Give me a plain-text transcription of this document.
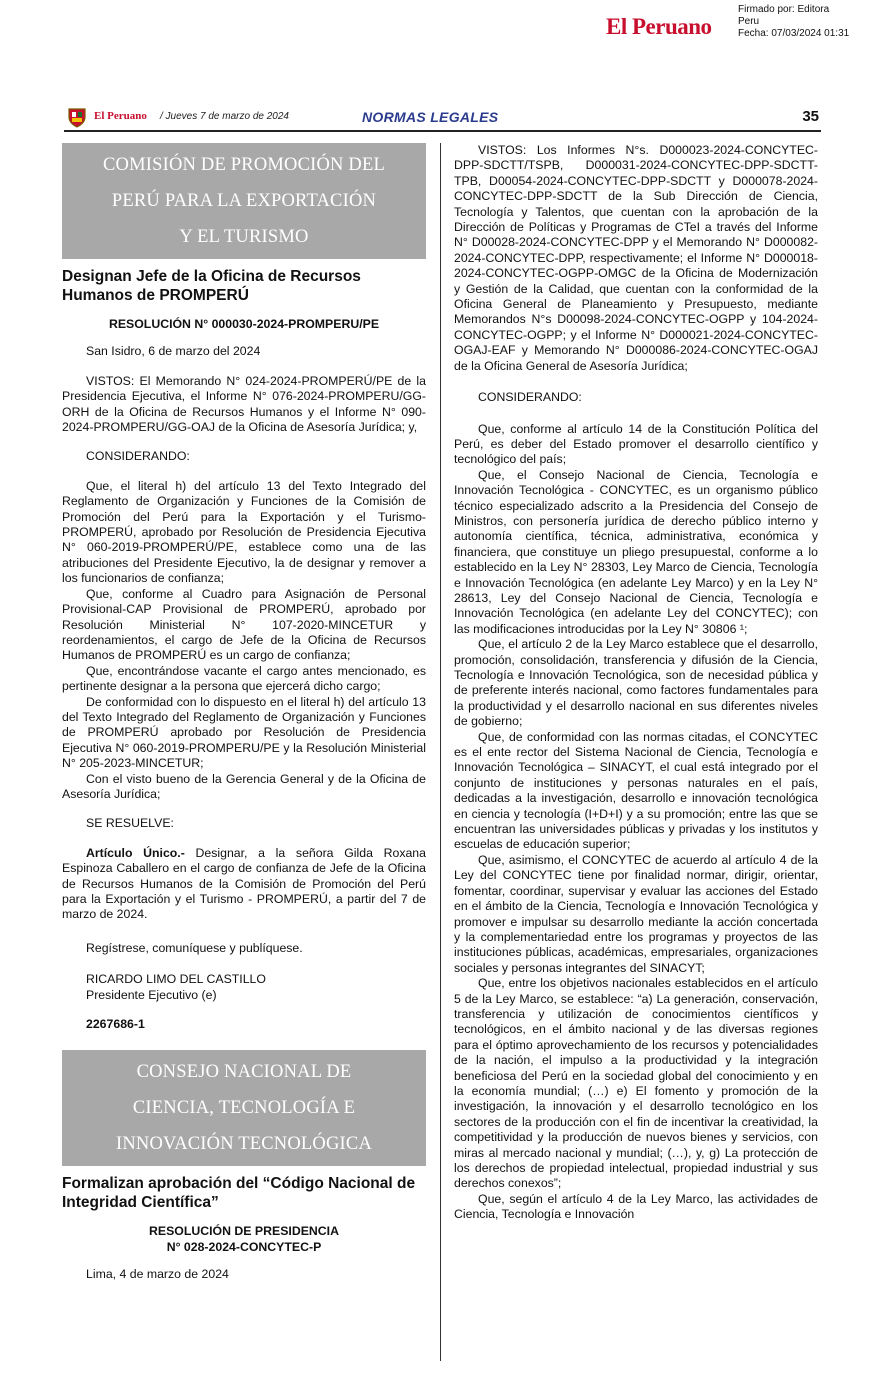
El Peruano
Firmado por: Editora
Peru
Fecha: 07/03/2024 01:31
El Peruano / Jueves 7 de marzo de 2024	NORMAS LEGALES	35
COMISIÓN DE PROMOCIÓN DEL
PERÚ PARA LA EXPORTACIÓN
Y EL TURISMO
Designan Jefe de la Oficina de Recursos Humanos de PROMPERÚ
RESOLUCIÓN N° 000030-2024-PROMPERU/PE

San Isidro, 6 de marzo del 2024

VISTOS: El Memorando N° 024-2024-PROMPERÚ/PE de la Presidencia Ejecutiva, el Informe N° 076-2024-PROMPERU/GG-ORH de la Oficina de Recursos Humanos y el Informe N° 090-2024-PROMPERU/GG-OAJ de la Oficina de Asesoría Jurídica; y,

CONSIDERANDO:

Que, el literal h) del artículo 13 del Texto Integrado del Reglamento de Organización y Funciones de la Comisión de Promoción del Perú para la Exportación y el Turismo-PROMPERÚ, aprobado por Resolución de Presidencia Ejecutiva N° 060-2019-PROMPERÚ/PE, establece como una de las atribuciones del Presidente Ejecutivo, la de designar y remover a los funcionarios de confianza;

Que, conforme al Cuadro para Asignación de Personal Provisional-CAP Provisional de PROMPERÚ, aprobado por Resolución Ministerial N° 107-2020-MINCETUR y reordenamientos, el cargo de Jefe de la Oficina de Recursos Humanos de PROMPERÚ es un cargo de confianza;

Que, encontrándose vacante el cargo antes mencionado, es pertinente designar a la persona que ejercerá dicho cargo;

De conformidad con lo dispuesto en el literal h) del artículo 13 del Texto Integrado del Reglamento de Organización y Funciones de PROMPERÚ aprobado por Resolución de Presidencia Ejecutiva N° 060-2019-PROMPERU/PE y la Resolución Ministerial N° 205-2023-MINCETUR;

Con el visto bueno de la Gerencia General y de la Oficina de Asesoría Jurídica;

SE RESUELVE:

Artículo Único.- Designar, a la señora Gilda Roxana Espinoza Caballero en el cargo de confianza de Jefe de la Oficina de Recursos Humanos de la Comisión de Promoción del Perú para la Exportación y el Turismo - PROMPERÚ, a partir del 7 de marzo de 2024.

Regístrese, comuníquese y publíquese.

RICARDO LIMO DEL CASTILLO

Presidente Ejecutivo (e)

2267686-1

CONSEJO NACIONAL DE
CIENCIA, TECNOLOGÍA E
INNOVACIÓN TECNOLÓGICA
Formalizan aprobación del “Código Nacional de Integridad Científica”
RESOLUCIÓN DE PRESIDENCIA
N° 028-2024-CONCYTEC-P

Lima, 4 de marzo de 2024

VISTOS: Los Informes N°s. D000023-2024-CONCYTEC-DPP-SDCTT/TSPB, D000031-2024-CONCYTEC-DPP-SDCTT-TPB, D00054-2024-CONCYTEC-DPP-SDCTT y D000078-2024-CONCYTEC-DPP-SDCTT de la Sub Dirección de Ciencia, Tecnología y Talentos, que cuentan con la aprobación de la Dirección de Políticas y Programas de CTeI a través del Informe N° D00028-2024-CONCYTEC-DPP y el Memorando N° D000082-2024-CONCYTEC-DPP, respectivamente; el Informe N° D000018-2024-CONCYTEC-OGPP-OMGC de la Oficina de Modernización y Gestión de la Calidad, que cuentan con la conformidad de la Oficina General de Planeamiento y Presupuesto, mediante Memorandos N°s D00098-2024-CONCYTEC-OGPP y 104-2024-CONCYTEC-OGPP; y el Informe N° D000021-2024-CONCYTEC-OGAJ-EAF y Memorando N° D000086-2024-CONCYTEC-OGAJ de la Oficina General de Asesoría Jurídica;

CONSIDERANDO:

Que, conforme al artículo 14 de la Constitución Política del Perú, es deber del Estado promover el desarrollo científico y tecnológico del país;

Que, el Consejo Nacional de Ciencia, Tecnología e Innovación Tecnológica - CONCYTEC, es un organismo público técnico especializado adscrito a la Presidencia del Consejo de Ministros, con personería jurídica de derecho público interno y autonomía científica, técnica, administrativa, económica y financiera, que constituye un pliego presupuestal, conforme a lo establecido en la Ley N° 28303, Ley Marco de Ciencia, Tecnología e Innovación Tecnológica (en adelante Ley Marco) y en la Ley N° 28613, Ley del Consejo Nacional de Ciencia, Tecnología e Innovación Tecnológica (en adelante Ley del CONCYTEC); con las modificaciones introducidas por la Ley N° 30806 ¹;

Que, el artículo 2 de la Ley Marco establece que el desarrollo, promoción, consolidación, transferencia y difusión de la Ciencia, Tecnología e Innovación Tecnológica, son de necesidad pública y de preferente interés nacional, como factores fundamentales para la productividad y el desarrollo nacional en sus diferentes niveles de gobierno;

Que, de conformidad con las normas citadas, el CONCYTEC es el ente rector del Sistema Nacional de Ciencia, Tecnología e Innovación Tecnológica – SINACYT, el cual está integrado por el conjunto de instituciones y personas naturales en el país, dedicadas a la investigación, desarrollo e innovación tecnológica en ciencia y tecnología (I+D+I) y a su promoción; entre las que se encuentran las universidades públicas y privadas y los institutos y escuelas de educación superior;

Que, asimismo, el CONCYTEC de acuerdo al artículo 4 de la Ley del CONCYTEC tiene por finalidad normar, dirigir, orientar, fomentar, coordinar, supervisar y evaluar las acciones del Estado en el ámbito de la Ciencia, Tecnología e Innovación Tecnológica y promover e impulsar su desarrollo mediante la acción concertada y la complementariedad entre los programas y proyectos de las instituciones públicas, académicas, empresariales, organizaciones sociales y personas integrantes del SINACYT;

Que, entre los objetivos nacionales establecidos en el artículo 5 de la Ley Marco, se establece: “a) La generación, conservación, transferencia y utilización de conocimientos científicos y tecnológicos, en el ámbito nacional y de las diversas regiones para el óptimo aprovechamiento de los recursos y potencialidades de la nación, el impulso a la productividad y la integración beneficiosa del Perú en la sociedad global del conocimiento y en la economía mundial; (…) e) El fomento y promoción de la investigación, la innovación y el desarrollo tecnológico en los sectores de la producción con el fin de incentivar la creatividad, la competitividad y la producción de nuevos bienes y servicios, con miras al mercado nacional y mundial; (…), y, g) La protección de los derechos de propiedad intelectual, propiedad industrial y sus derechos conexos”;

Que, según el artículo 4 de la Ley Marco, las actividades de Ciencia, Tecnología e Innovación
